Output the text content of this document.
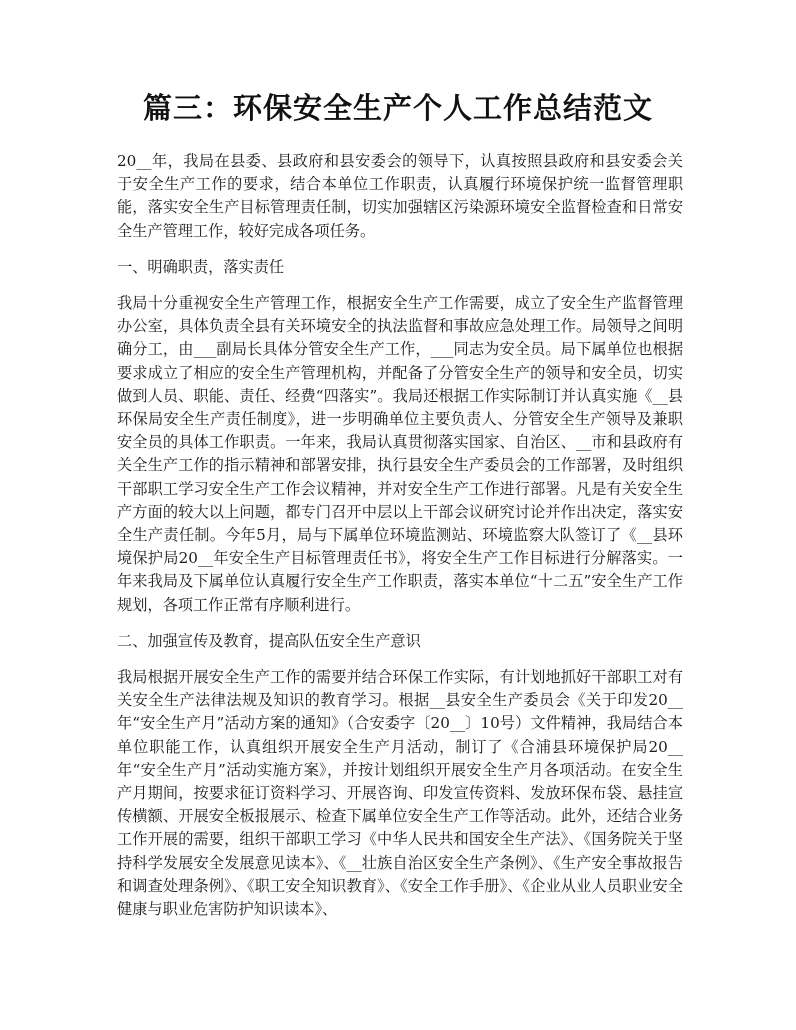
篇三：环保安全生产个人工作总结范文

20__年，我局在县委、县政府和县安委会的领导下，认真按照县政府和县安委会关于安全生产工作的要求，结合本单位工作职责，认真履行环境保护统一监督管理职能，落实安全生产目标管理责任制，切实加强辖区污染源环境安全监督检查和日常安全生产管理工作，较好完成各项任务。

一、明确职责，落实责任

我局十分重视安全生产管理工作，根据安全生产工作需要，成立了安全生产监督管理办公室，具体负责全县有关环境安全的执法监督和事故应急处理工作。局领导之间明确分工，由___副局长具体分管安全生产工作，___同志为安全员。局下属单位也根据要求成立了相应的安全生产管理机构，并配备了分管安全生产的领导和安全员，切实做到人员、职能、责任、经费“四落实”。我局还根据工作实际制订并认真实施《__县环保局安全生产责任制度》，进一步明确单位主要负责人、分管安全生产领导及兼职安全员的具体工作职责。一年来，我局认真贯彻落实国家、自治区、__市和县政府有关全生产工作的指示精神和部署安排，执行县安全生产委员会的工作部署，及时组织干部职工学习安全生产工作会议精神，并对安全生产工作进行部署。凡是有关安全生产方面的较大以上问题，都专门召开中层以上干部会议研究讨论并作出决定，落实安全生产责任制。今年5月，局与下属单位环境监测站、环境监察大队签订了《__县环境保护局20__年安全生产目标管理责任书》，将安全生产工作目标进行分解落实。一年来我局及下属单位认真履行安全生产工作职责，落实本单位“十二五”安全生产工作规划，各项工作正常有序顺利进行。

二、加强宣传及教育，提高队伍安全生产意识

我局根据开展安全生产工作的需要并结合环保工作实际，有计划地抓好干部职工对有关安全生产法律法规及知识的教育学习。根据__县安全生产委员会《关于印发20__年“安全生产月”活动方案的通知》（合安委字〔20__〕10号）文件精神，我局结合本单位职能工作，认真组织开展安全生产月活动，制订了《合浦县环境保护局20__年“安全生产月”活动实施方案》，并按计划组织开展安全生产月各项活动。在安全生产月期间，按要求征订资料学习、开展咨询、印发宣传资料、发放环保布袋、悬挂宣传横额、开展安全板报展示、检查下属单位安全生产工作等活动。此外，还结合业务工作开展的需要，组织干部职工学习《中华人民共和国安全生产法》、《国务院关于坚持科学发展安全发展意见读本》、《__壮族自治区安全生产条例》、《生产安全事故报告和调查处理条例》、《职工安全知识教育》、《安全工作手册》、《企业从业人员职业安全健康与职业危害防护知识读本》、
